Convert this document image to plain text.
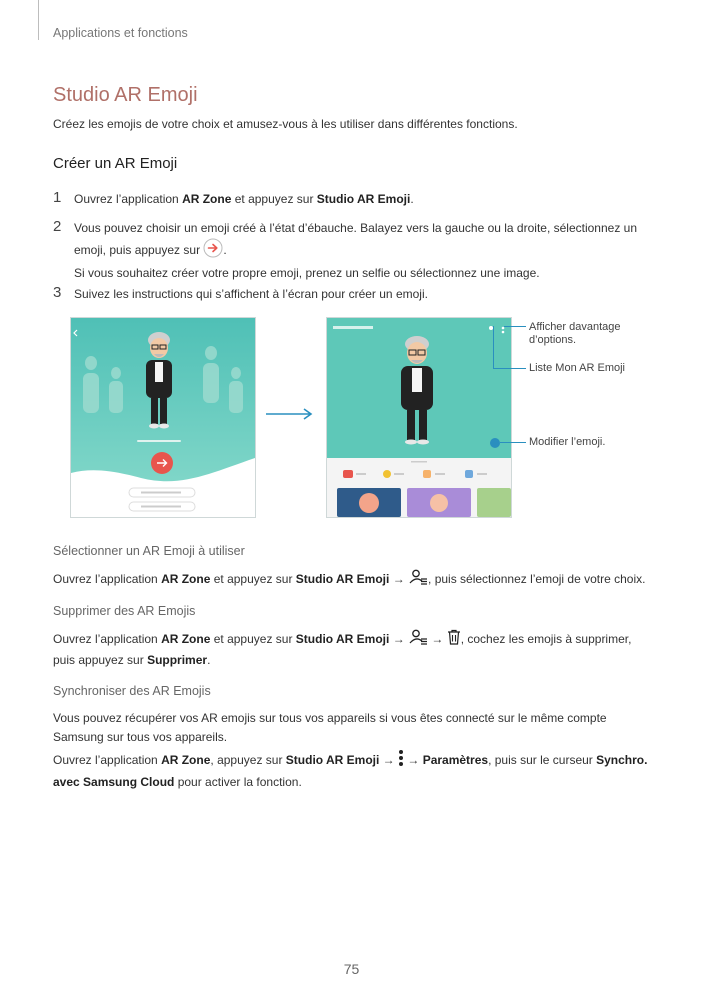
Applications et fonctions
Studio AR Emoji
Créez les emojis de votre choix et amusez-vous à les utiliser dans différentes fonctions.
Créer un AR Emoji
1 Ouvrez l’application AR Zone et appuyez sur Studio AR Emoji.
2 Vous pouvez choisir un emoji créé à l’état d’ébauche. Balayez vers la gauche ou la droite, sélectionnez un
emoji, puis appuyez sur .
Si vous souhaitez créer votre propre emoji, prenez un selfie ou sélectionnez une image.
3 Suivez les instructions qui s’affichent à l’écran pour créer un emoji.
Afficher davantage d’options.
Liste Mon AR Emoji
Modifier l’emoji.
Sélectionner un AR Emoji à utiliser
Ouvrez l’application AR Zone et appuyez sur Studio AR Emoji → , puis sélectionnez l’emoji de votre choix.
Supprimer des AR Emojis
Ouvrez l’application AR Zone et appuyez sur Studio AR Emoji →  → , cochez les emojis à supprimer,
puis appuyez sur Supprimer.
Synchroniser des AR Emojis
Vous pouvez récupérer vos AR emojis sur tous vos appareils si vous êtes connecté sur le même compte Samsung sur tous vos appareils.
Ouvrez l’application AR Zone, appuyez sur Studio AR Emoji →  → Paramètres, puis sur le curseur Synchro.
avec Samsung Cloud pour activer la fonction.
75
